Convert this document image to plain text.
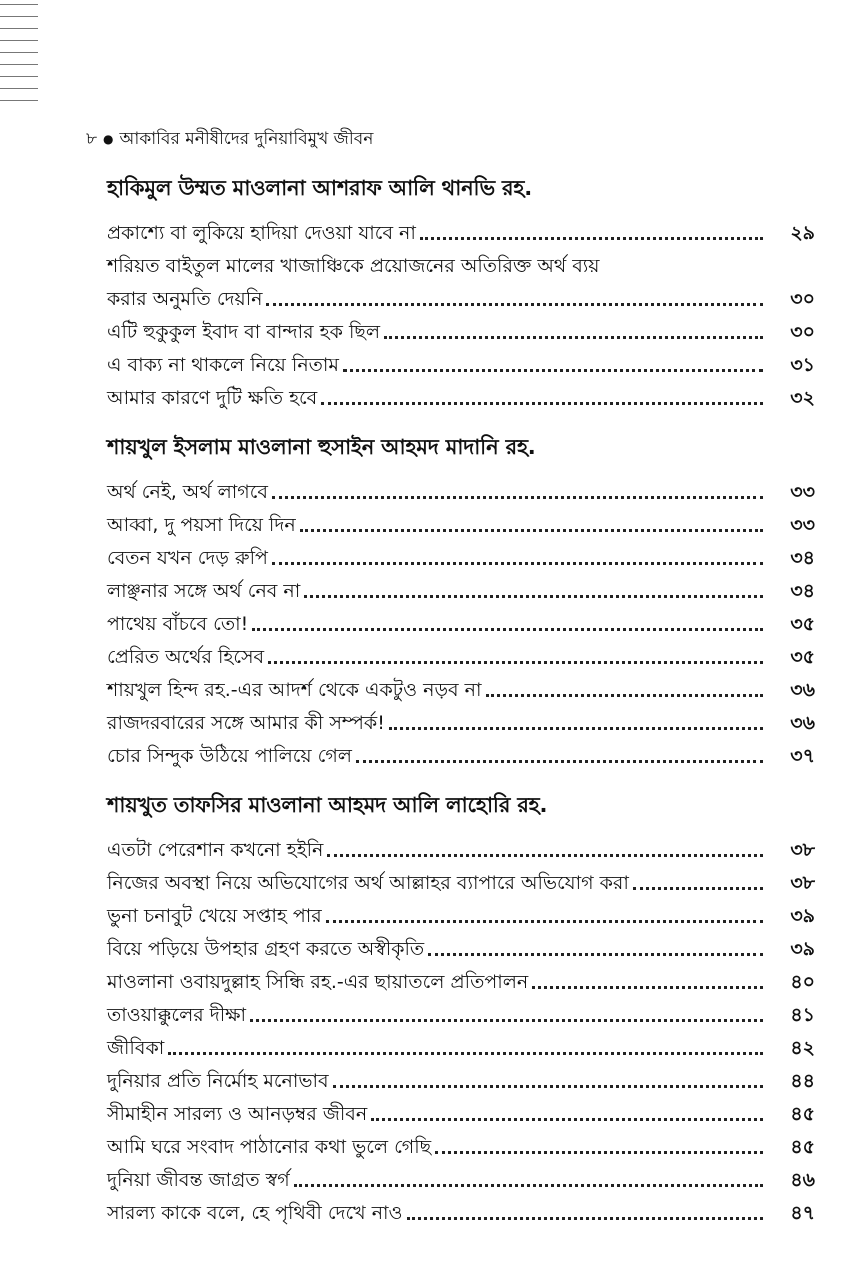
৮ ● আকাবির মনীষীদের দুনিয়াবিমুখ জীবন
হাকিমুল উম্মত মাওলানা আশরাফ আলি থানভি রহ.
প্রকাশ্যে বা লুকিয়ে হাদিয়া দেওয়া যাবে না	২৯
শরিয়ত বাইতুল মালের খাজাঞ্চিকে প্রয়োজনের অতিরিক্ত অর্থ ব্যয়
করার অনুমতি দেয়নি	৩০
এটি হুকুকুল ইবাদ বা বান্দার হক ছিল	৩০
এ বাক্য না থাকলে নিয়ে নিতাম	৩১
আমার কারণে দুটি ক্ষতি হবে	৩২
শায়খুল ইসলাম মাওলানা হুসাইন আহমদ মাদানি রহ.
অর্থ নেই, অর্থ লাগবে	৩৩
আব্বা, দু পয়সা দিয়ে দিন	৩৩
বেতন যখন দেড় রুপি	৩৪
লাঞ্ছনার সঙ্গে অর্থ নেব না	৩৪
পাথেয় বাঁচবে তো!	৩৫
প্রেরিত অর্থের হিসেব	৩৫
শায়খুল হিন্দ রহ.-এর আদর্শ থেকে একটুও নড়ব না	৩৬
রাজদরবারের সঙ্গে আমার কী সম্পর্ক!	৩৬
চোর সিন্দুক উঠিয়ে পালিয়ে গেল	৩৭
শায়খুত তাফসির মাওলানা আহমদ আলি লাহোরি রহ.
এতটা পেরেশান কখনো হইনি	৩৮
নিজের অবস্থা নিয়ে অভিযোগের অর্থ আল্লাহর ব্যাপারে অভিযোগ করা	৩৮
ভুনা চনাবুট খেয়ে সপ্তাহ পার	৩৯
বিয়ে পড়িয়ে উপহার গ্রহণ করতে অস্বীকৃতি	৩৯
মাওলানা ওবায়দুল্লাহ সিন্ধি রহ.-এর ছায়াতলে প্রতিপালন	৪০
তাওয়াক্কুলের দীক্ষা	৪১
জীবিকা	৪২
দুনিয়ার প্রতি নির্মোহ মনোভাব	৪৪
সীমাহীন সারল্য ও আনড়ম্বর জীবন	৪৫
আমি ঘরে সংবাদ পাঠানোর কথা ভুলে গেছি	৪৫
দুনিয়া জীবন্ত জাগ্রত স্বর্গ	৪৬
সারল্য কাকে বলে, হে পৃথিবী দেখে নাও	৪৭
